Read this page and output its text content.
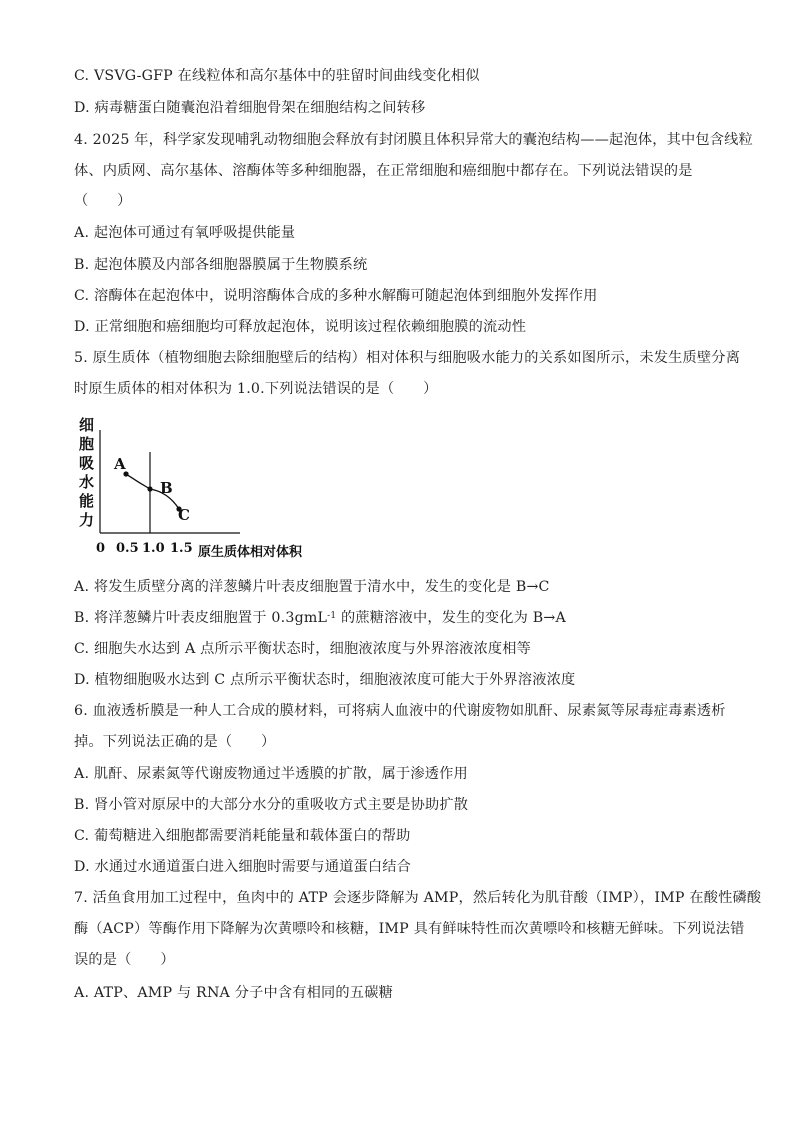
C. VSVG-GFP 在线粒体和高尔基体中的驻留时间曲线变化相似
D. 病毒糖蛋白随囊泡沿着细胞骨架在细胞结构之间转移
4. 2025 年，科学家发现哺乳动物细胞会释放有封闭膜且体积异常大的囊泡结构——起泡体，其中包含线粒
体、内质网、高尔基体、溶酶体等多种细胞器，在正常细胞和癌细胞中都存在。下列说法错误的是
（　　）
A. 起泡体可通过有氧呼吸提供能量
B. 起泡体膜及内部各细胞器膜属于生物膜系统
C. 溶酶体在起泡体中，说明溶酶体合成的多种水解酶可随起泡体到细胞外发挥作用
D. 正常细胞和癌细胞均可释放起泡体，说明该过程依赖细胞膜的流动性
5. 原生质体（植物细胞去除细胞壁后的结构）相对体积与细胞吸水能力的关系如图所示，未发生质壁分离
时原生质体的相对体积为 1.0.下列说法错误的是（　　）
细
胞
吸
水
能
力
A
B
C
0 0.5 1.0 1.5 原生质体相对体积
A. 将发生质壁分离的洋葱鳞片叶表皮细胞置于清水中，发生的变化是 B→C
B. 将洋葱鳞片叶表皮细胞置于 0.3gmL$^{-1}$ 的蔗糖溶液中，发生的变化为 B→A
C. 细胞失水达到 A 点所示平衡状态时，细胞液浓度与外界溶液浓度相等
D. 植物细胞吸水达到 C 点所示平衡状态时，细胞液浓度可能大于外界溶液浓度
6. 血液透析膜是一种人工合成的膜材料，可将病人血液中的代谢废物如肌酐、尿素氮等尿毒症毒素透析
掉。下列说法正确的是（　　）
A. 肌酐、尿素氮等代谢废物通过半透膜的扩散，属于渗透作用
B. 肾小管对原尿中的大部分水分的重吸收方式主要是协助扩散
C. 葡萄糖进入细胞都需要消耗能量和载体蛋白的帮助
D. 水通过水通道蛋白进入细胞时需要与通道蛋白结合
7. 活鱼食用加工过程中，鱼肉中的 ATP 会逐步降解为 AMP，然后转化为肌苷酸（IMP），IMP 在酸性磷酸
酶（ACP）等酶作用下降解为次黄嘌呤和核糖，IMP 具有鲜味特性而次黄嘌呤和核糖无鲜味。下列说法错
误的是（　　）
A. ATP、AMP 与 RNA 分子中含有相同的五碳糖
